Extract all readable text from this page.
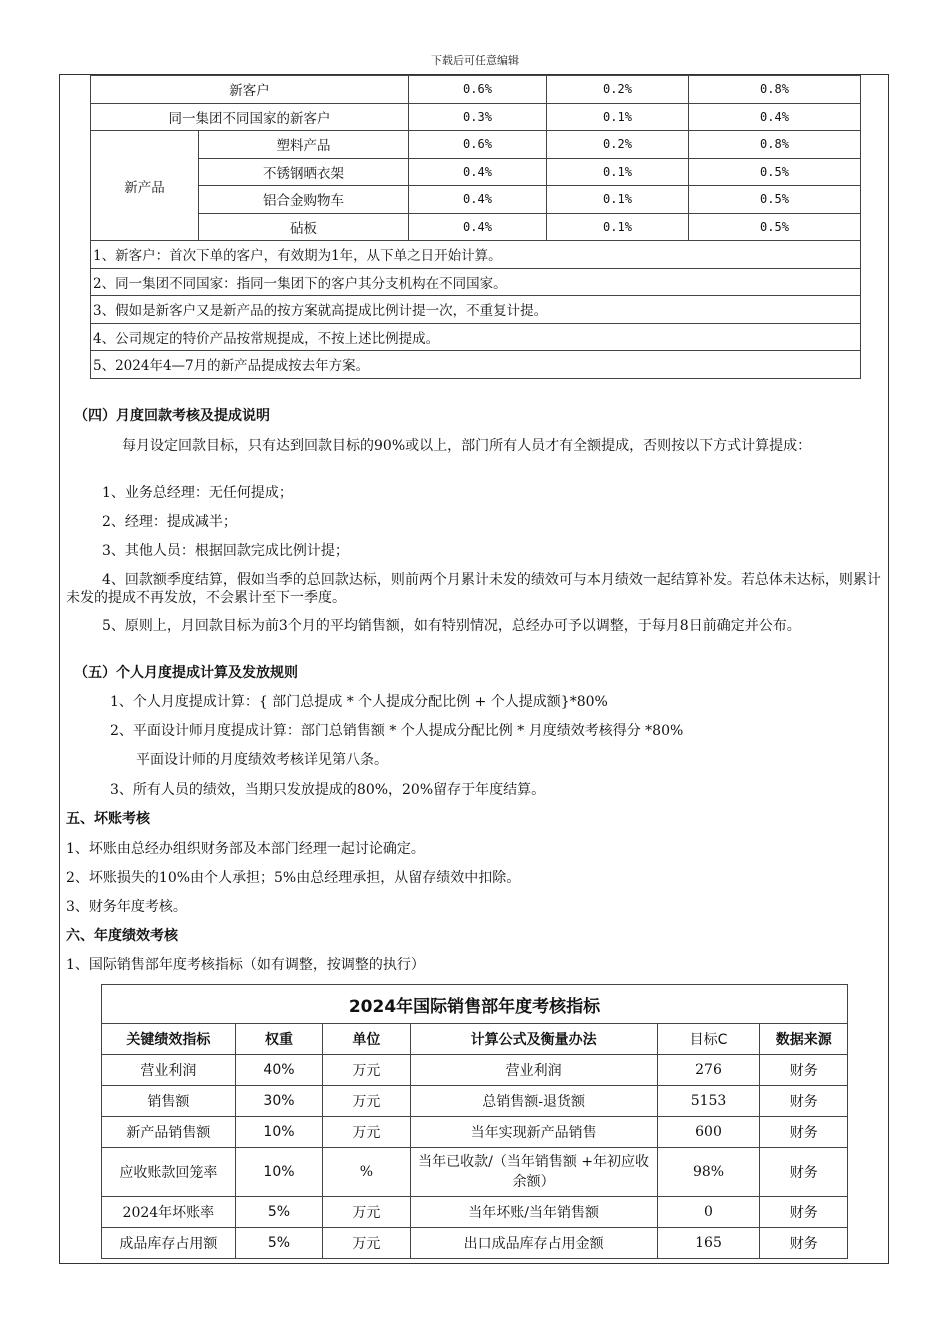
下载后可任意编辑
新客户		0.6%	0.2%	0.8%
同一集团不同国家的新客户		0.3%	0.1%	0.4%
新产品	塑料产品	0.6%	0.2%	0.8%
	不锈钢晒衣架	0.4%	0.1%	0.5%
	铝合金购物车	0.4%	0.1%	0.5%
	砧板	0.4%	0.1%	0.5%
1、新客户：首次下单的客户，有效期为1年，从下单之日开始计算。				
2、同一集团不同国家：指同一集团下的客户其分支机构在不同国家。				
3、假如是新客户又是新产品的按方案就高提成比例计提一次，不重复计提。				
4、公司规定的特价产品按常规提成，不按上述比例提成。				
5、2024年4—7月的新产品提成按去年方案。				
（四）月度回款考核及提成说明
每月设定回款目标，只有达到回款目标的90%或以上，部门所有人员才有全额提成，否则按以下方式计算提成：
1、业务总经理：无任何提成；
2、经理：提成减半；
3、其他人员：根据回款完成比例计提；
4、回款额季度结算，假如当季的总回款达标，则前两个月累计未发的绩效可与本月绩效一起结算补发。若总体未达标，则累计未发的提成不再发放，不会累计至下一季度。
5、原则上，月回款目标为前3个月的平均销售额，如有特别情况，总经办可予以调整，于每月8日前确定并公布。
（五）个人月度提成计算及发放规则
1、个人月度提成计算：{ 部门总提成 * 个人提成分配比例 + 个人提成额}*80%
2、平面设计师月度提成计算：部门总销售额 * 个人提成分配比例 * 月度绩效考核得分 *80%
平面设计师的月度绩效考核详见第八条。
3、所有人员的绩效，当期只发放提成的80%，20%留存于年度结算。
五、坏账考核
1、坏账由总经办组织财务部及本部门经理一起讨论确定。
2、坏账损失的10%由个人承担；5%由总经理承担，从留存绩效中扣除。
3、财务年度考核。
六、年度绩效考核
1、国际销售部年度考核指标（如有调整，按调整的执行）
2024年国际销售部年度考核指标					
关键绩效指标	权重	单位	计算公式及衡量办法	目标C	数据来源
营业利润	40%	万元	营业利润	276	财务
销售额	30%	万元	总销售额-退货额	5153	财务
新产品销售额	10%	万元	当年实现新产品销售	600	财务
应收账款回笼率	10%	%	当年已收款/（当年销售额 +年初应收余额）	98%	财务
2024年坏账率	5%	万元	当年坏账/当年销售额	0	财务
成品库存占用额	5%	万元	出口成品库存占用金额	165	财务
